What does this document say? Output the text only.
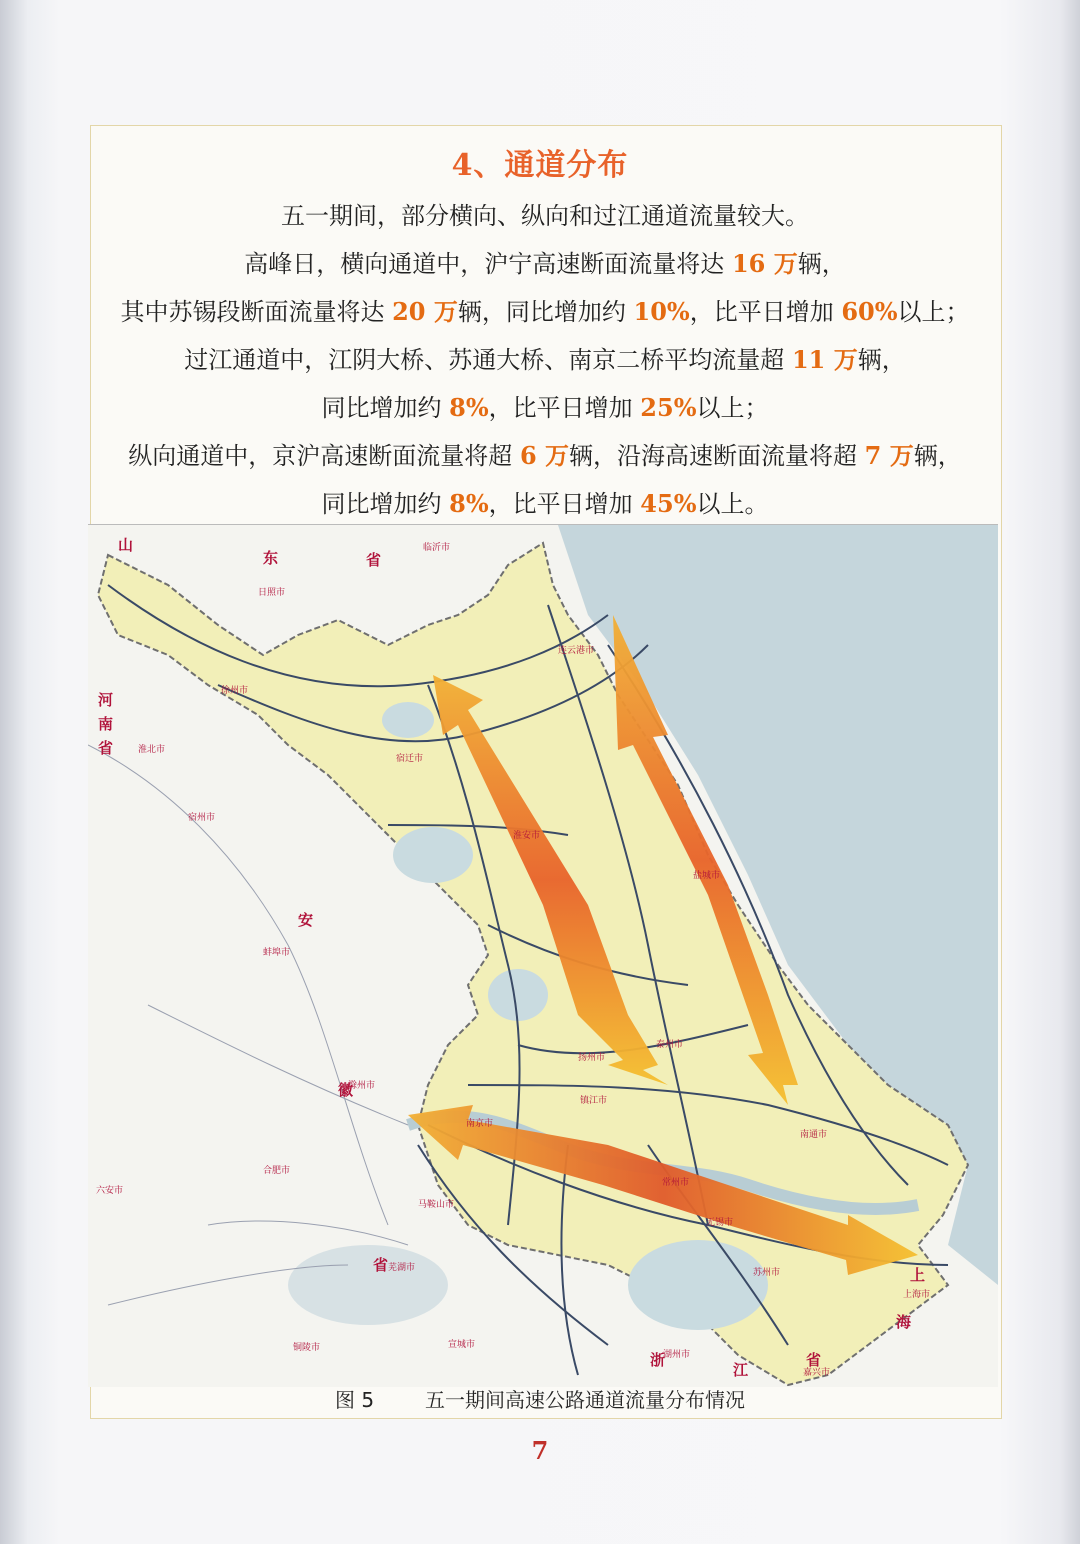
4、通道分布
五一期间，部分横向、纵向和过江通道流量较大。
高峰日，横向通道中，沪宁高速断面流量将达 16 万辆，
其中苏锡段断面流量将达 20 万辆，同比增加约 10%，比平日增加 60%以上；
过江通道中，江阴大桥、苏通大桥、南京二桥平均流量超 11 万辆，
同比增加约 8%，比平日增加 25%以上；
纵向通道中，京沪高速断面流量将超 6 万辆，沿海高速断面流量将超 7 万辆，
同比增加约 8%，比平日增加 45%以上。
徐州市
连云港市
宿迁市
淮安市
盐城市
扬州市
泰州市
南通市
南京市
镇江市
常州市
无锡市
苏州市
上海市
合肥市
滁州市
马鞍山市
芜湖市
湖州市
宣城市
临沂市
日照市
蚌埠市
淮北市
宿州市
六安市
铜陵市
嘉兴市
山
东	省
河
南
省
安
徽
省
上
海
浙
江
省
图 5	五一期间高速公路通道流量分布情况
7
